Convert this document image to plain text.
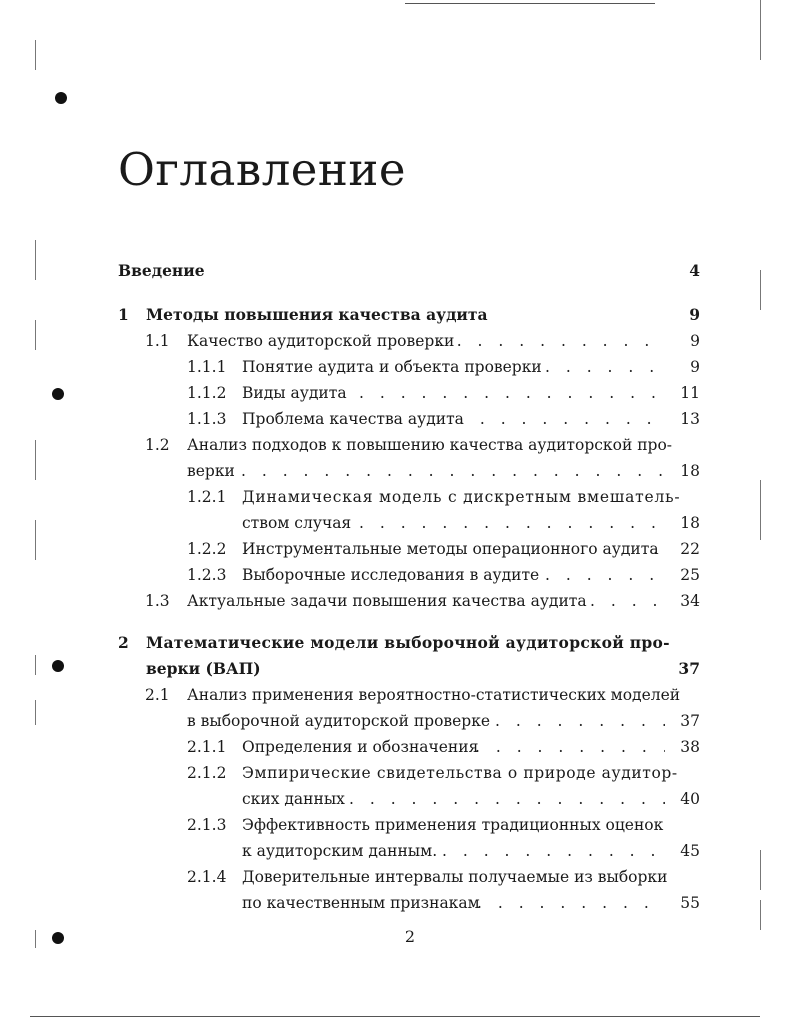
Оглавление
Введение	4
1 Методы повышения качества аудита	9
1.1 Качество аудиторской проверки . . .	9
1.1.1 Понятие аудита и объекта проверки . . .	9
1.1.2 Виды аудита . . .	11
1.1.3 Проблема качества аудита . . .	13
1.2 Анализ подходов к повышению качества аудиторской про-
верки . . .	18
1.2.1 Динамическая модель с дискретным вмешатель-
ством случая . . .	18
1.2.2 Инструментальные методы операционного аудита . . . 22
1.2.3 Выборочные исследования в аудите . . .	25
1.3 Актуальные задачи повышения качества аудита . . .	34
2 Математические модели выборочной аудиторской про-
верки (ВАП)	37
2.1 Анализ применения вероятностно-статистических моделей
в выборочной аудиторской проверке . . .	37
2.1.1 Определения и обозначения . . .	38
2.1.2 Эмпирические свидетельства о природе аудитор-
ских данных . . .	40
2.1.3 Эффективность применения традиционных оценок
к аудиторским данным. . . .	45
2.1.4 Доверительные интервалы получаемые из выборки
по качественным признакам . . .	55
2
